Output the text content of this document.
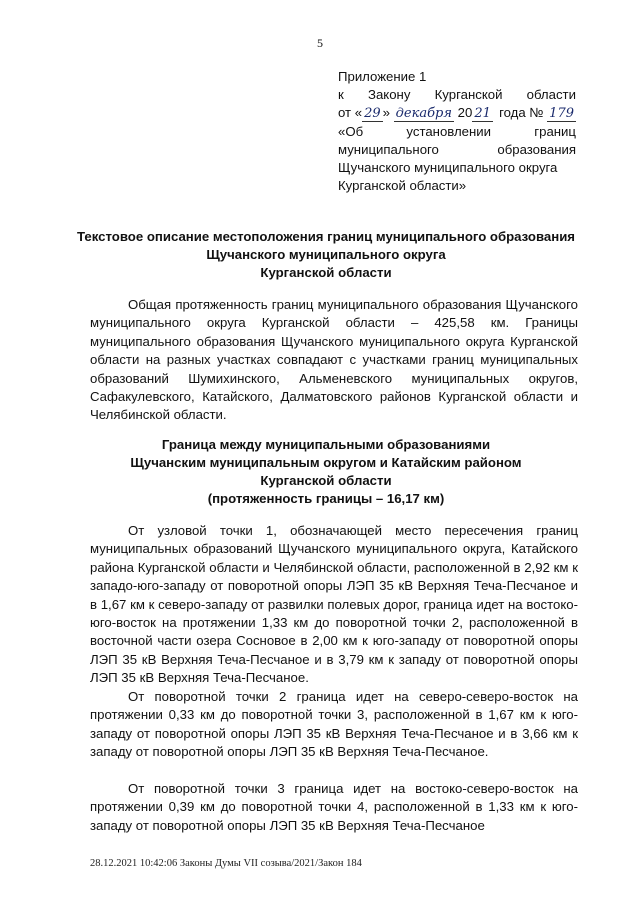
5
Приложение 1
к Закону Курганской области
от « 29 » декабря 20 21 года № 179
«Об	установлении	границ
муниципального	образования
Щучанского муниципального округа
Курганской области»
Текстовое описание местоположения границ муниципального образования
Щучанского муниципального округа
Курганской области
Общая протяженность границ муниципального образования Щучанского муниципального округа Курганской области – 425,58 км. Границы муниципального образования Щучанского муниципального округа Курганской области на разных участках совпадают с участками границ муниципальных образований Шумихинского, Альменевского муниципальных округов, Сафакулевского, Катайского, Далматовского районов Курганской области и Челябинской области.
Граница между муниципальными образованиями
Щучанским муниципальным округом и Катайским районом
Курганской области
(протяженность границы – 16,17 км)
От узловой точки 1, обозначающей место пересечения границ муниципальных образований Щучанского муниципального округа, Катайского района Курганской области и Челябинской области, расположенной в 2,92 км к западо-юго-западу от поворотной опоры ЛЭП 35 кВ Верхняя Теча-Песчаное и в 1,67 км к северо-западу от развилки полевых дорог, граница идет на востоко-юго-восток на протяжении 1,33 км до поворотной точки 2, расположенной в восточной части озера Сосновое в 2,00 км к юго-западу от поворотной опоры ЛЭП 35 кВ Верхняя Теча-Песчаное и в 3,79 км к западу от поворотной опоры ЛЭП 35 кВ Верхняя Теча-Песчаное.
От поворотной точки 2 граница идет на северо-северо-восток на протяжении 0,33 км до поворотной точки 3, расположенной в 1,67 км к юго-западу от поворотной опоры ЛЭП 35 кВ Верхняя Теча-Песчаное и в 3,66 км к западу от поворотной опоры ЛЭП 35 кВ Верхняя Теча-Песчаное.
От поворотной точки 3 граница идет на востоко-северо-восток на протяжении 0,39 км до поворотной точки 4, расположенной в 1,33 км к юго-западу от поворотной опоры ЛЭП 35 кВ Верхняя Теча-Песчаное
28.12.2021 10:42:06 Законы Думы VII созыва/2021/Закон 184
